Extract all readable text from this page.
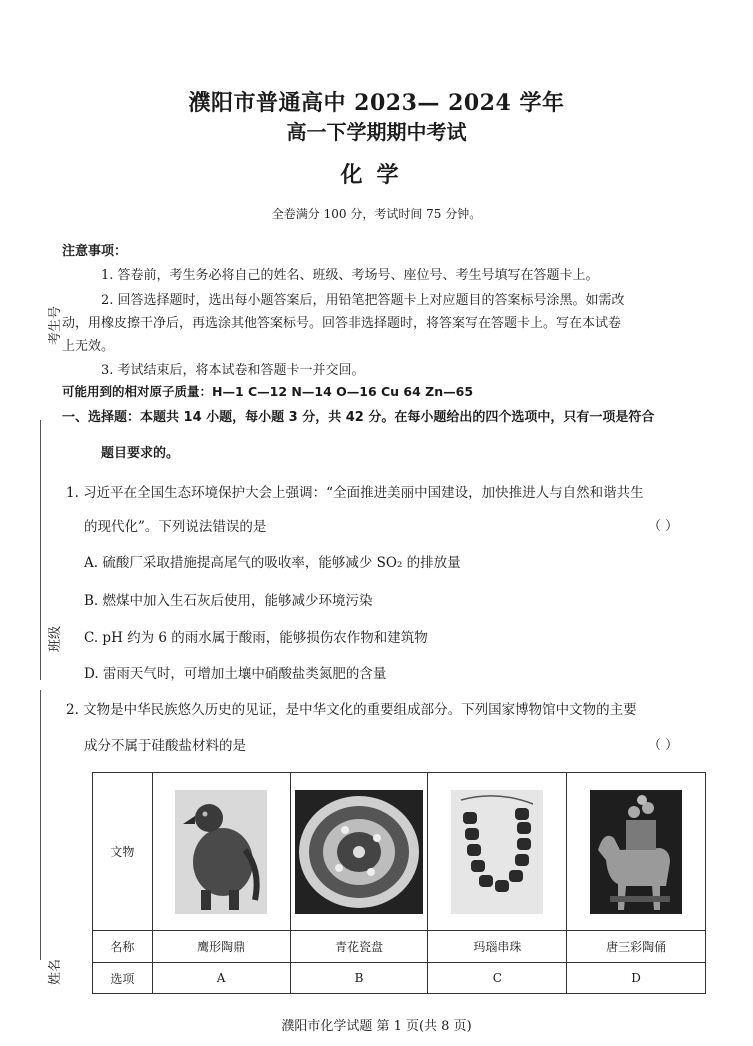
考生号
班级
姓名
濮阳市普通高中 2023— 2024 学年
高一下学期期中考试
化学
全卷满分 100 分，考试时间 75 分钟。
注意事项：
1. 答卷前，考生务必将自己的姓名、班级、考场号、座位号、考生号填写在答题卡上。
2. 回答选择题时，选出每小题答案后，用铅笔把答题卡上对应题目的答案标号涂黑。如需改
动，用橡皮擦干净后，再选涂其他答案标号。回答非选择题时，将答案写在答题卡上。写在本试卷
上无效。
3. 考试结束后，将本试卷和答题卡一并交回。
可能用到的相对原子质量：H—1 C—12 N—14 O—16 Cu 64 Zn—65
一、选择题：本题共 14 小题，每小题 3 分，共 42 分。在每小题给出的四个选项中，只有一项是符合
题目要求的。
1. 习近平在全国生态环境保护大会上强调：“全面推进美丽中国建设，加快推进人与自然和谐共生
的现代化”。下列说法错误的是	（ ）
A. 硫酸厂采取措施提高尾气的吸收率，能够减少 SO₂ 的排放量
B. 燃煤中加入生石灰后使用，能够减少环境污染
C. pH 约为 6 的雨水属于酸雨，能够损伤农作物和建筑物
D. 雷雨天气时，可增加土壤中硝酸盐类氮肥的含量
2. 文物是中华民族悠久历史的见证，是中华文化的重要组成部分。下列国家博物馆中文物的主要
成分不属于硅酸盐材料的是	（ ）
文物	

名称	鹰形陶鼎	青花瓷盘	玛瑙串珠	唐三彩陶俑
选项	A	B	C	D
濮阳市化学试题 第 1 页(共 8 页)
